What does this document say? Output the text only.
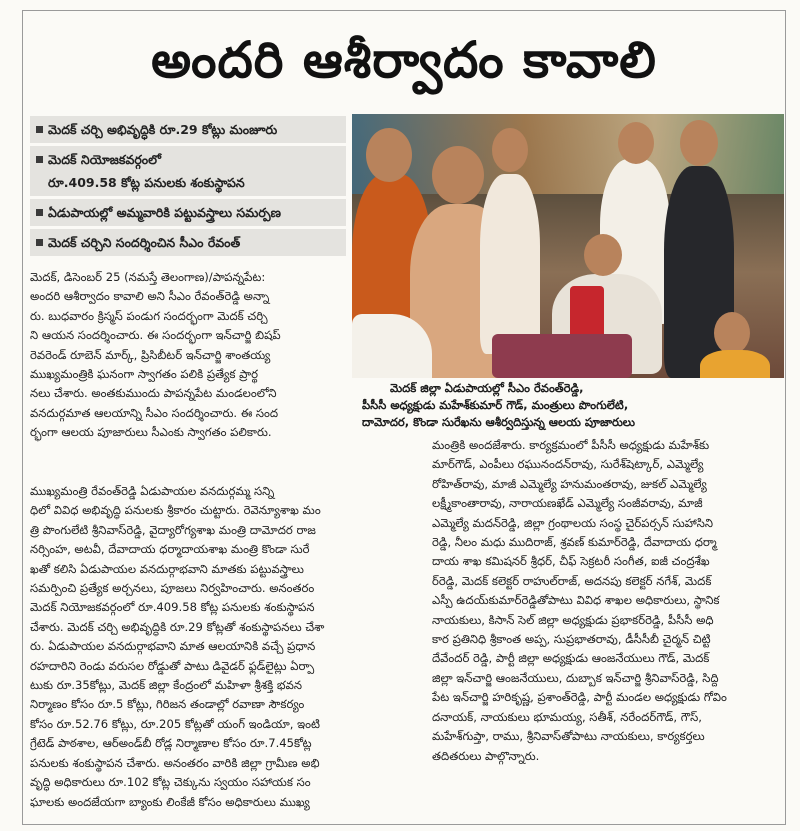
అందరి ఆశీర్వాదం కావాలి
మెదక్ చర్చి అభివృద్ధికి రూ.29 కోట్లు మంజూరు
మెదక్ నియోజకవర్గంలో
రూ.409.58 కోట్ల పనులకు శంకుస్థాపన
ఏడుపాయల్లో అమ్మవారికి పట్టువస్త్రాలు సమర్పణ
మెదక్ చర్చిని సందర్శించిన సీఎం రేవంత్
మెదక్ జిల్లా ఏడుపాయల్లో సీఎం రేవంత్‌రెడ్డి,
పీసీసీ అధ్యక్షుడు మహేశ్‌కుమార్ గౌడ్, మంత్రులు పొంగులేటి,
దామోదర, కొండా సురేఖను ఆశీర్వదిస్తున్న ఆలయ పూజారులు
మెదక్, డిసెంబర్ 25 (నమస్తే తెలంగాణ)/పాపన్నపేట:
అందరి ఆశీర్వాదం కావాలి అని సీఎం రేవంత్‌రెడ్డి అన్నా
రు. బుధవారం క్రిస్మస్ పండుగ సందర్భంగా మెదక్ చర్చి
ని ఆయన సందర్శించారు. ఈ సందర్భంగా ఇన్‌చార్జి బిషప్
రెవరెండ్ రూబెన్ మార్క్, ప్రిసిబీటర్ ఇన్‌చార్జి శాంతయ్య
ముఖ్యమంత్రికి ఘనంగా స్వాగతం పలికి ప్రత్యేక ప్రార్థ
నలు చేశారు. అంతకుముందు పాపన్నపేట మండలంలోని
వనదుర్గమాత ఆలయాన్ని సీఎం సందర్శించారు. ఈ సంద
ర్భంగా ఆలయ పూజారులు సీఎంకు స్వాగతం పలికారు.
ముఖ్యమంత్రి రేవంత్‌రెడ్డి ఏడుపాయల వనదుర్గమ్మ సన్ని
ధిలో వివిధ అభివృద్ధి పనులకు శ్రీకారం చుట్టారు. రెవెన్యూశాఖ మం
త్రి పొంగులేటి శ్రీనివాస్‌రెడ్డి, వైద్యారోగ్యశాఖ మంత్రి దామోదర రాజ
నర్సింహ, అటవీ, దేవాదాయ ధర్మాదాయశాఖ మంత్రి కొండా సురే
ఖతో కలిసి ఏడుపాయల వనదుర్గాభవాని మాతకు పట్టువస్త్రాలు
సమర్పించి ప్రత్యేక అర్చనలు, పూజలు నిర్వహించారు. అనంతరం
మెదక్ నియోజకవర్గంలో రూ.409.58 కోట్ల పనులకు శంకుస్థాపన
చేశారు. మెదక్ చర్చి అభివృద్ధికి రూ.29 కోట్లతో శంకుస్థాపనలు చేశా
రు. ఏడుపాయల వనదుర్గాభవాని మాత ఆలయానికి వచ్చే ప్రధాన
రహదారిని రెండు వరుసల రోడ్డుతో పాటు డివైడర్ ఫ్లడ్‌లైట్లు ఏర్పా
టుకు రూ.35కోట్లు, మెదక్ జిల్లా కేంద్రంలో మహిళా శ్రీశక్తి భవన
నిర్మాణం కోసం రూ.5 కోట్లు, గిరిజన తండాల్లో రవాణా సౌకర్యం
కోసం రూ.52.76 కోట్లు, రూ.205 కోట్లతో యంగ్ ఇండియా, ఇంటి
గ్రేటెడ్ పాఠశాల, ఆర్‌అండ్‌బీ రోడ్ల నిర్మాణాల కోసం రూ.7.45కోట్ల
పనులకు శంకుస్థాపన చేశారు. అనంతరం వారికి జిల్లా గ్రామీణ అభి
వృద్ధి అధికారులు రూ.102 కోట్ల చెక్కును స్వయం సహాయక సం
ఘాలకు అందజేయగా బ్యాంకు లింకేజీ కోసం అధికారులు ముఖ్య
మంత్రికి అందజేశారు. కార్యక్రమంలో పీసీసీ అధ్యక్షుడు మహేశ్‌కు
మార్‌గౌడ్, ఎంపీలు రఘునందన్‌రావు, సురేశ్‌షెట్కార్, ఎమ్మెల్యే
రోహిత్‌రావు, మాజీ ఎమ్మెల్యే హనుమంతరావు, జుకల్ ఎమ్మెల్యే
లక్ష్మీకాంతారావు, నారాయణఖేడ్ ఎమ్మెల్యే సంజీవరావు, మాజీ
ఎమ్మెల్యే మదన్‌రెడ్డి, జిల్లా గ్రంథాలయ సంస్థ చైర్‌పర్సన్ సుహాసిని
రెడ్డి, నీలం మధు ముదిరాజ్, శ్రవణ్ కుమార్‌రెడ్డి, దేవాదాయ ధర్మా
దాయ శాఖ కమిషనర్ శ్రీధర్, చీఫ్ సెక్రటరీ సంగీత, ఐజీ చంద్రశేఖ
ర్‌రెడ్డి, మెదక్ కలెక్టర్ రాహుల్‌రాజ్, అదనపు కలెక్టర్ నగేశ్, మెదక్
ఎస్పీ ఉదయ్‌కుమార్‌రెడ్డితోపాటు వివిధ శాఖల అధికారులు, స్థానిక
నాయకులు, కిసాన్ సెల్ జిల్లా అధ్యక్షుడు ప్రభాకర్‌రెడ్డి, పీసీసీ అధి
కార ప్రతినిధి శ్రీకాంత అప్ప, సుప్రభాతరావు, డీసీసీబీ చైర్మన్ చిట్టి
దేవేందర్ రెడ్డి, పార్టీ జిల్లా అధ్యక్షుడు ఆంజనేయులు గౌడ్, మెదక్
జిల్లా ఇన్‌చార్జి ఆంజనేయులు, దుబ్బాక ఇన్‌చార్జి శ్రీనివాస్‌రెడ్డి, సిద్ది
పేట ఇన్‌చార్జి హరికృష్ణ, ప్రశాంత్‌రెడ్డి, పార్టీ మండల అధ్యక్షుడు గోవిం
దనాయక్, నాయకులు భూమయ్య, సతీశ్, నరేందర్‌గౌడ్, గౌస్,
మహేశ్‌గుప్తా, రాము, శ్రీనివాస్‌తోపాటు నాయకులు, కార్యకర్తలు
తదితరులు పాల్గొన్నారు.
